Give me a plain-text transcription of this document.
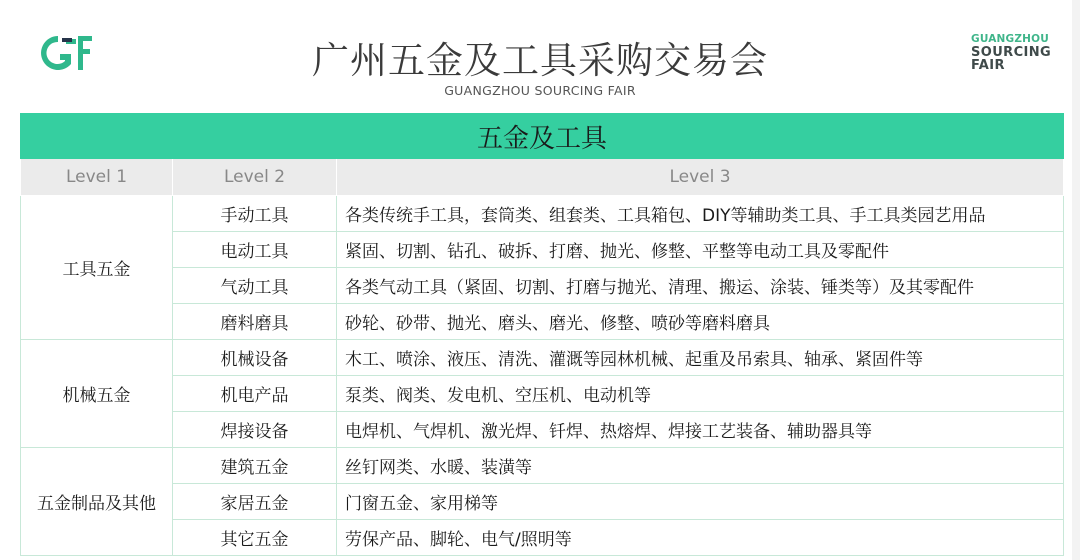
广州五金及工具采购交易会
GUANGZHOU SOURCING FAIR
GUANGZHOU
SOURCING
FAIR
五金及工具		
Level 1	Level 2	Level 3
工具五金	手动工具	各类传统手工具，套筒类、组套类、工具箱包、DIY等辅助类工具、手工具类园艺用品
	电动工具	紧固、切割、钻孔、破拆、打磨、抛光、修整、平整等电动工具及零配件
	气动工具	各类气动工具（紧固、切割、打磨与抛光、清理、搬运、涂装、锤类等）及其零配件
	磨料磨具	砂轮、砂带、抛光、磨头、磨光、修整、喷砂等磨料磨具
机械五金	机械设备	木工、喷涂、液压、清洗、灌溉等园林机械、起重及吊索具、轴承、紧固件等
	机电产品	泵类、阀类、发电机、空压机、电动机等
	焊接设备	电焊机、气焊机、激光焊、钎焊、热熔焊、焊接工艺装备、辅助器具等
五金制品及其他	建筑五金	丝钉网类、水暖、装潢等
	家居五金	门窗五金、家用梯等
	其它五金	劳保产品、脚轮、电气/照明等
